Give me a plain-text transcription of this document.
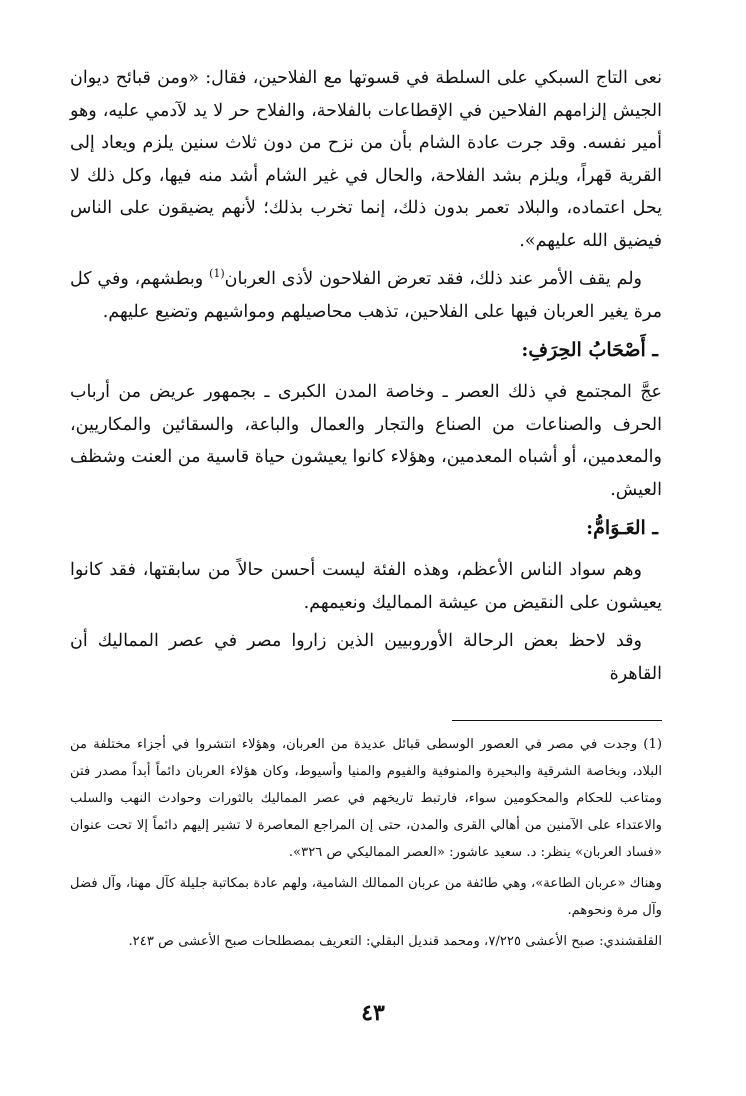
نعى التاج السبكي على السلطة في قسوتها مع الفلاحين، فقال: «ومن قبائح ديوان الجيش إلزامهم الفلاحين في الإقطاعات بالفلاحة، والفلاح حر لا يد لآدمي عليه، وهو أمير نفسه. وقد جرت عادة الشام بأن من نزح من دون ثلاث سنين يلزم ويعاد إلى القرية قهراً، ويلزم بشد الفلاحة، والحال في غير الشام أشد منه فيها، وكل ذلك لا يحل اعتماده، والبلاد تعمر بدون ذلك، إنما تخرب بذلك؛ لأنهم يضيقون على الناس فيضيق الله عليهم».

ولم يقف الأمر عند ذلك، فقد تعرض الفلاحون لأذى العربان$^{(1)}$ وبطشهم، وفي كل مرة يغير العربان فيها على الفلاحين، تذهب محاصيلهم ومواشيهم وتضيع عليهم.

ـ أَصْحَابُ الحِرَفِ:

عجَّ المجتمع في ذلك العصر ـ وخاصة المدن الكبرى ـ بجمهور عريض من أرباب الحرف والصناعات من الصناع والتجار والعمال والباعة، والسقائين والمكاريين، والمعدمين، أو أشباه المعدمين، وهؤلاء كانوا يعيشون حياة قاسية من العنت وشظف العيش.

ـ العَـوَامُّ:

وهم سواد الناس الأعظم، وهذه الفئة ليست أحسن حالاً من سابقتها، فقد كانوا يعيشون على النقيض من عيشة المماليك ونعيمهم.

وقد لاحظ بعض الرحالة الأوروبيين الذين زاروا مصر في عصر المماليك أن القاهرة

(1) وجدت في مصر في العصور الوسطى قبائل عديدة من العربان، وهؤلاء انتشروا في أجزاء مختلفة من البلاد، وبخاصة الشرقية والبحيرة والمنوفية والفيوم والمنيا وأسيوط، وكان هؤلاء العربان دائماً أبداً مصدر فتن ومتاعب للحكام والمحكومين سواء، فارتبط تاريخهم في عصر المماليك بالثورات وحوادث النهب والسلب والاعتداء على الآمنين من أهالي القرى والمدن، حتى إن المراجع المعاصرة لا تشير إليهم دائماً إلا تحت عنوان «فساد العربان» ينظر: د. سعيد عاشور: «العصر المماليكي ص ٣٢٦».

وهناك «عربان الطاعة»، وهي طائفة من عربان الممالك الشامية، ولهم عادة بمكاتبة جليلة كآل مهنا، وآل فضل وآل مرة ونحوهم.

القلقشندي: صبح الأعشى ٧/٢٢٥، ومحمد قنديل البقلي: التعريف بمصطلحات صبح الأعشى ص ٢٤٣.

٤٣
